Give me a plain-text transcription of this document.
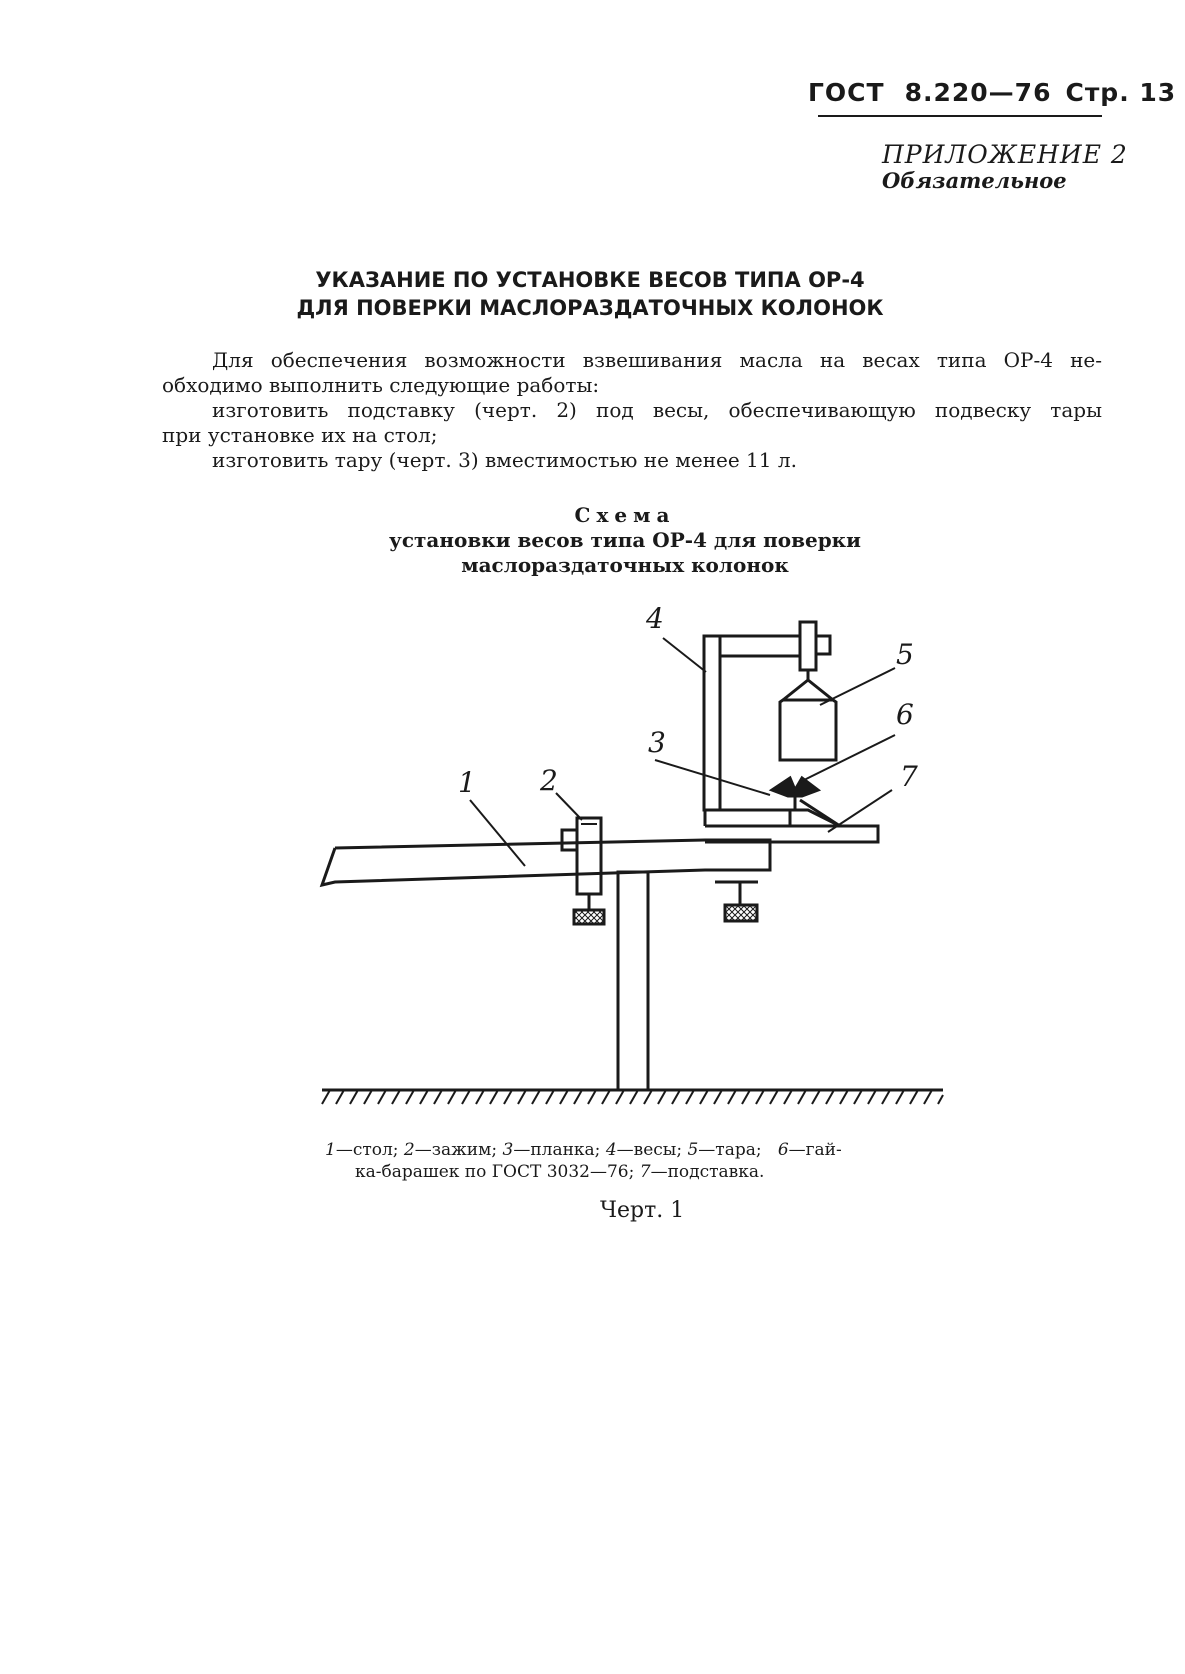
ГОСТ 8.220—76 Стр. 13
ПРИЛОЖЕНИЕ 2
Обязательное
УКАЗАНИЕ ПО УСТАНОВКЕ ВЕСОВ ТИПА ОР-4
ДЛЯ ПОВЕРКИ МАСЛОРАЗДАТОЧНЫХ КОЛОНОК
Для обеспечения возможности взвешивания масла на весах типа ОР-4 не-
обходимо выполнить следующие работы:
изготовить подставку (черт. 2) под весы, обеспечивающую подвеску тары
при установке их на стол;
изготовить тару (черт. 3) вместимостью не менее 11 л.
Схема
установки весов типа ОР-4 для поверки
маслораздаточных колонок
1 2
3
4
5
6
7
1—стол; 2—зажим; 3—планка; 4—весы; 5—тара; 6—гай-
ка-барашек по ГОСТ 3032—76; 7—подставка.
Черт. 1
